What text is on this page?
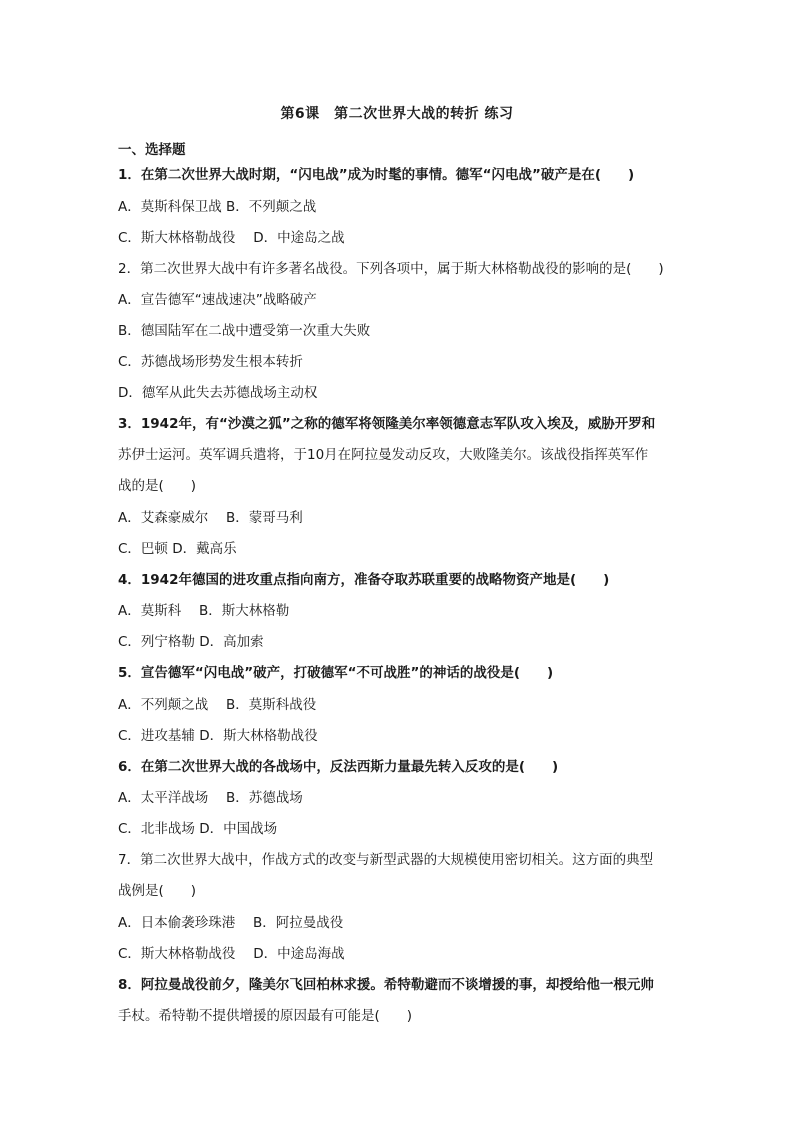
第6课　第二次世界大战的转折 练习
一、选择题
1．在第二次世界大战时期，“闪电战”成为时髦的事情。德军“闪电战”破产是在(　　)
A．莫斯科保卫战 B．不列颠之战
C．斯大林格勒战役　 D．中途岛之战
2．第二次世界大战中有许多著名战役。下列各项中，属于斯大林格勒战役的影响的是(　　)
A．宣告德军“速战速决”战略破产
B．德国陆军在二战中遭受第一次重大失败
C．苏德战场形势发生根本转折
D．德军从此失去苏德战场主动权
3．1942年，有“沙漠之狐”之称的德军将领隆美尔率领德意志军队攻入埃及，威胁开罗和
苏伊士运河。英军调兵遣将，于10月在阿拉曼发动反攻，大败隆美尔。该战役指挥英军作
战的是(　　)
A．艾森豪威尔　 B．蒙哥马利
C．巴顿 D．戴高乐
4．1942年德国的进攻重点指向南方，准备夺取苏联重要的战略物资产地是(　　)
A．莫斯科　 B．斯大林格勒
C．列宁格勒 D．高加索
5．宣告德军“闪电战”破产，打破德军“不可战胜”的神话的战役是(　　)
A．不列颠之战　 B．莫斯科战役
C．进攻基辅 D．斯大林格勒战役
6．在第二次世界大战的各战场中，反法西斯力量最先转入反攻的是(　　)
A．太平洋战场　 B．苏德战场
C．北非战场 D．中国战场
7．第二次世界大战中，作战方式的改变与新型武器的大规模使用密切相关。这方面的典型
战例是(　　)
A．日本偷袭珍珠港　 B．阿拉曼战役
C．斯大林格勒战役　 D．中途岛海战
8．阿拉曼战役前夕，隆美尔飞回柏林求援。希特勒避而不谈增援的事，却授给他一根元帅
手杖。希特勒不提供增援的原因最有可能是(　　)
